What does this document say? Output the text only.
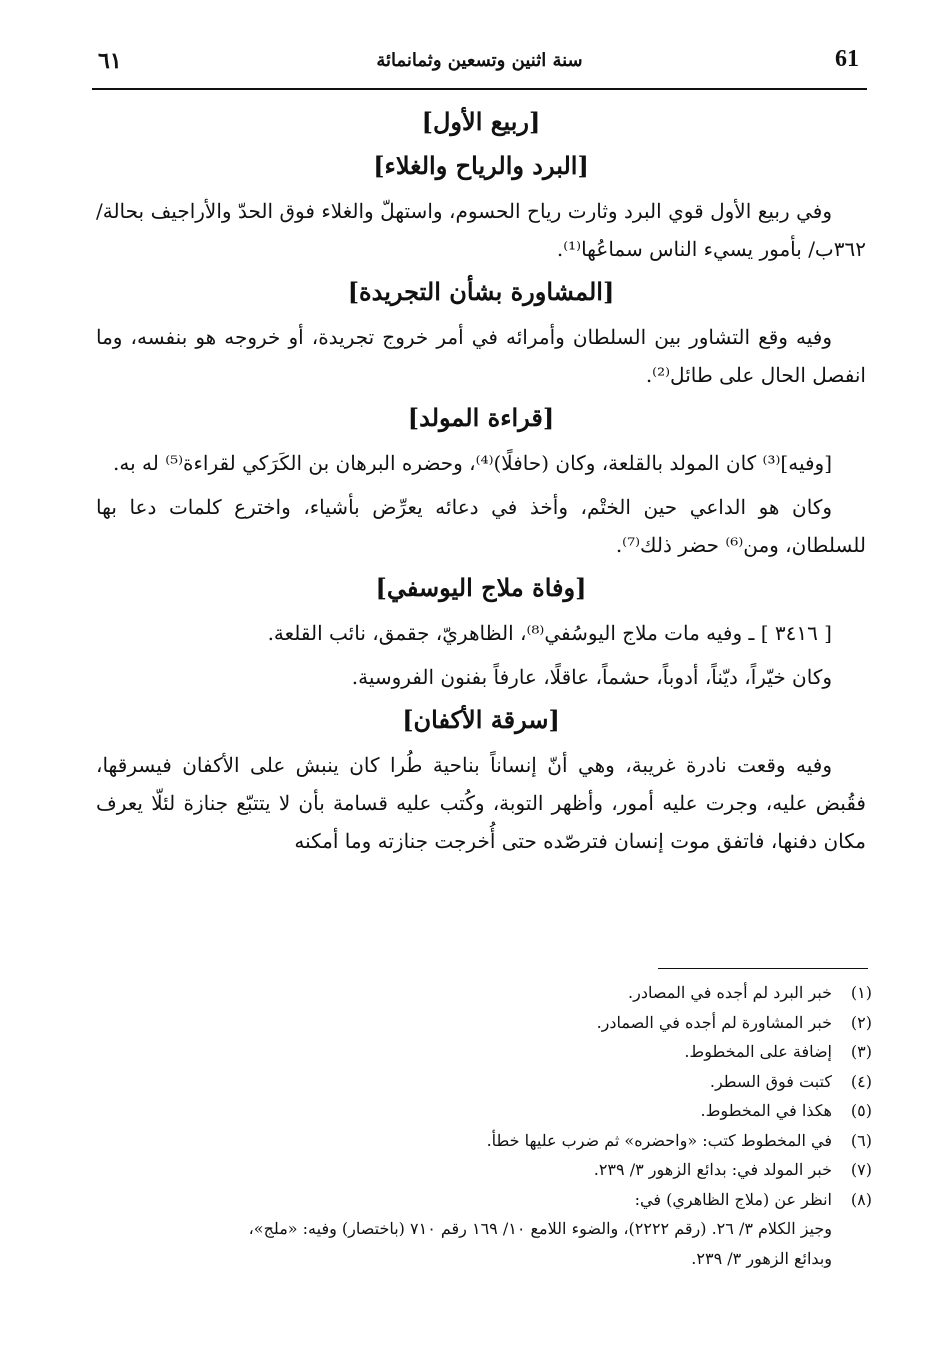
61
سنة اثنين وتسعين وثمانمائة
٦١
[ربيع الأول]
[البرد والرياح والغلاء]

وفي ربيع الأول قوي البرد وثارت رياح الحسوم، واستهلّ والغلاء فوق الحدّ والأراجيف بحالة/ ٣٦٢ب/ بأمور يسيء الناس سماعُها⁽¹⁾.

[المشاورة بشأن التجريدة]

وفيه وقع التشاور بين السلطان وأمرائه في أمر خروج تجريدة، أو خروجه هو بنفسه، وما انفصل الحال على طائل⁽²⁾.

[قراءة المولد]

[وفيه]⁽³⁾ كان المولد بالقلعة، وكان (حافلًا)⁽⁴⁾، وحضره البرهان بن الكَرَكي لقراءة⁽⁵⁾ له به.

وكان هو الداعي حين الختْم، وأخذ في دعائه يعرِّض بأشياء، واخترع كلمات دعا بها للسلطان، ومن⁽⁶⁾ حضر ذلك⁽⁷⁾.

[وفاة ملاج اليوسفي]

[ ٣٤١٦ ] ـ وفيه مات ملاج اليوسُفي⁽⁸⁾، الظاهريّ، جقمق، نائب القلعة.

وكان خيّراً، ديّناً، أدوباً، حشماً، عاقلًا، عارفاً بفنون الفروسية.

[سرقة الأكفان]

وفيه وقعت نادرة غريبة، وهي أنّ إنساناً بناحية طُرا كان ينبش على الأكفان فيسرقها، فقُبض عليه، وجرت عليه أمور، وأظهر التوبة، وكُتب عليه قسامة بأن لا يتتبّع جنازة لئلّا يعرف مكان دفنها، فاتفق موت إنسان فترصّده حتى أُخرجت جنازته وما أمكنه

(١)
خبر البرد لم أجده في المصادر.
(٢)
خبر المشاورة لم أجده في الصمادر.
(٣)
إضافة على المخطوط.
(٤)
كتبت فوق السطر.
(٥)
هكذا في المخطوط.
(٦)
في المخطوط كتب: «واحضره» ثم ضرب عليها خطأ.
(٧)
خبر المولد في: بدائع الزهور ٣/ ٢٣٩.
(٨)
انظر عن (ملاج الظاهري) في:
وجيز الكلام ٣/ ٢٦. (رقم ٢٢٢٢)، والضوء اللامع ١٠/ ١٦٩ رقم ٧١٠ (باختصار) وفيه: «ملج»،
وبدائع الزهور ٣/ ٢٣٩.
